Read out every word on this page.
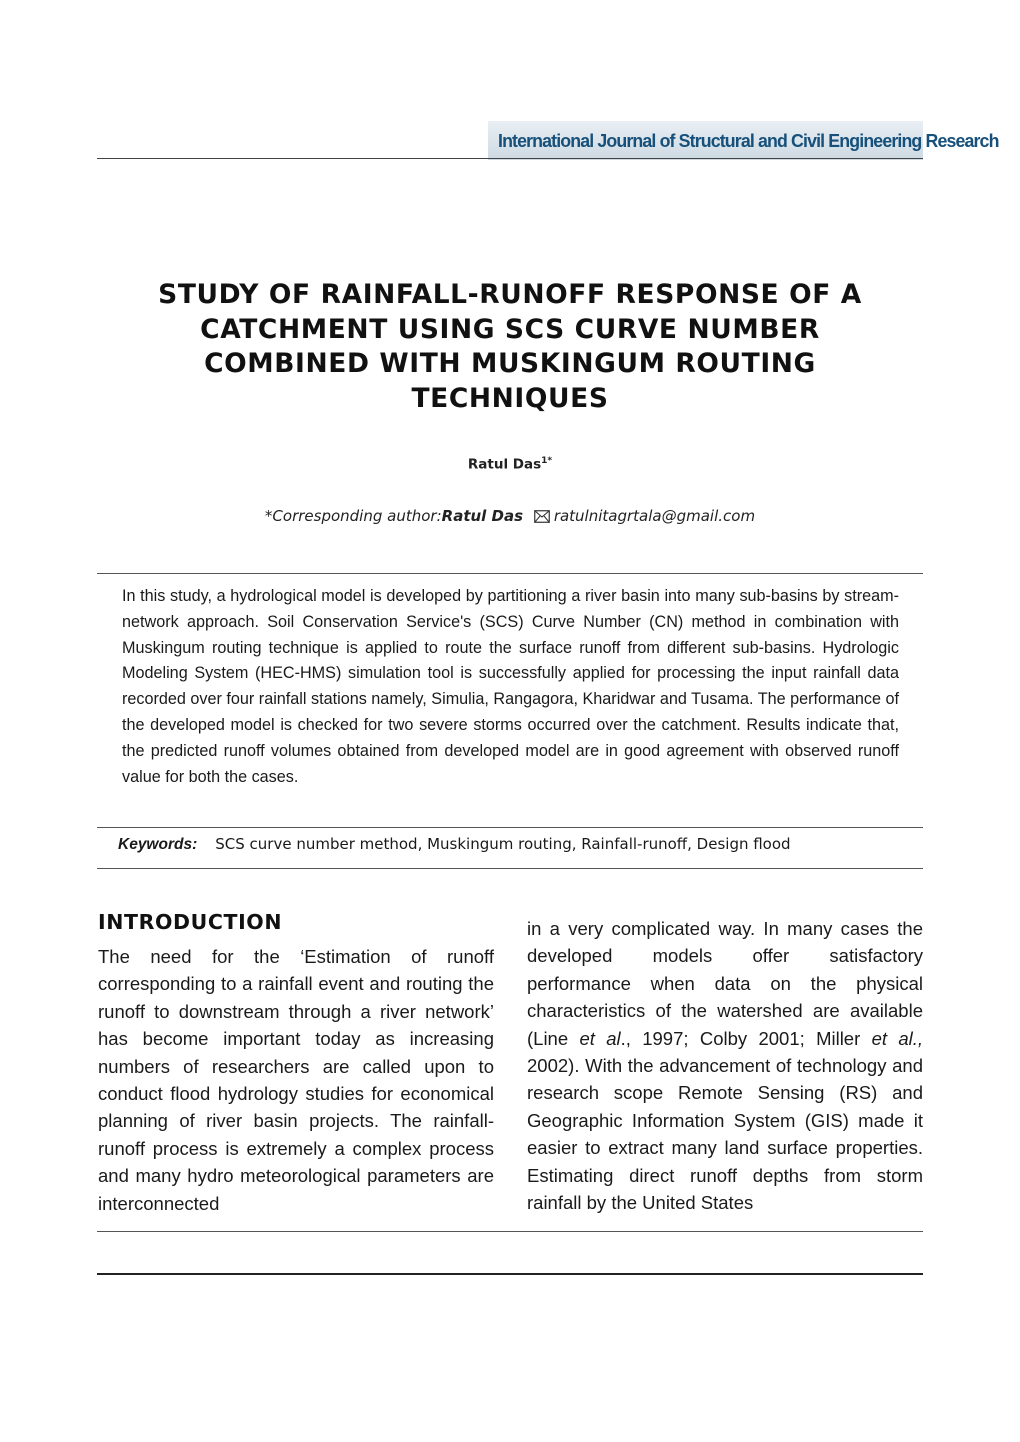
International Journal of Structural and Civil Engineering Research
STUDY OF RAINFALL-RUNOFF RESPONSE OF A CATCHMENT USING SCS CURVE NUMBER COMBINED WITH MUSKINGUM ROUTING TECHNIQUES
Ratul Das$^{1*}$
*Corresponding author:Ratul Das ratulnitagrtala@gmail.com
In this study, a hydrological model is developed by partitioning a river basin into many sub-basins by stream-network approach. Soil Conservation Service's (SCS) Curve Number (CN) method in combination with Muskingum routing technique is applied to route the surface runoff from different sub-basins. Hydrologic Modeling System (HEC-HMS) simulation tool is successfully applied for processing the input rainfall data recorded over four rainfall stations namely, Simulia, Rangagora, Kharidwar and Tusama. The performance of the developed model is checked for two severe storms occurred over the catchment. Results indicate that, the predicted runoff volumes obtained from developed model are in good agreement with observed runoff value for both the cases.
Keywords: SCS curve number method, Muskingum routing, Rainfall-runoff, Design flood
INTRODUCTION

The need for the ‘Estimation of runoff corresponding to a rainfall event and routing the runoff to downstream through a river network’ has become important today as increasing numbers of researchers are called upon to conduct flood hydrology studies for economical planning of river basin projects. The rainfall-runoff process is extremely a complex process and many hydro meteorological parameters are interconnected

in a very complicated way. In many cases the developed models offer satisfactory performance when data on the physical characteristics of the watershed are available (Line et al., 1997; Colby 2001; Miller et al., 2002). With the advancement of technology and research scope Remote Sensing (RS) and Geographic Information System (GIS) made it easier to extract many land surface properties. Estimating direct runoff depths from storm rainfall by the United States
